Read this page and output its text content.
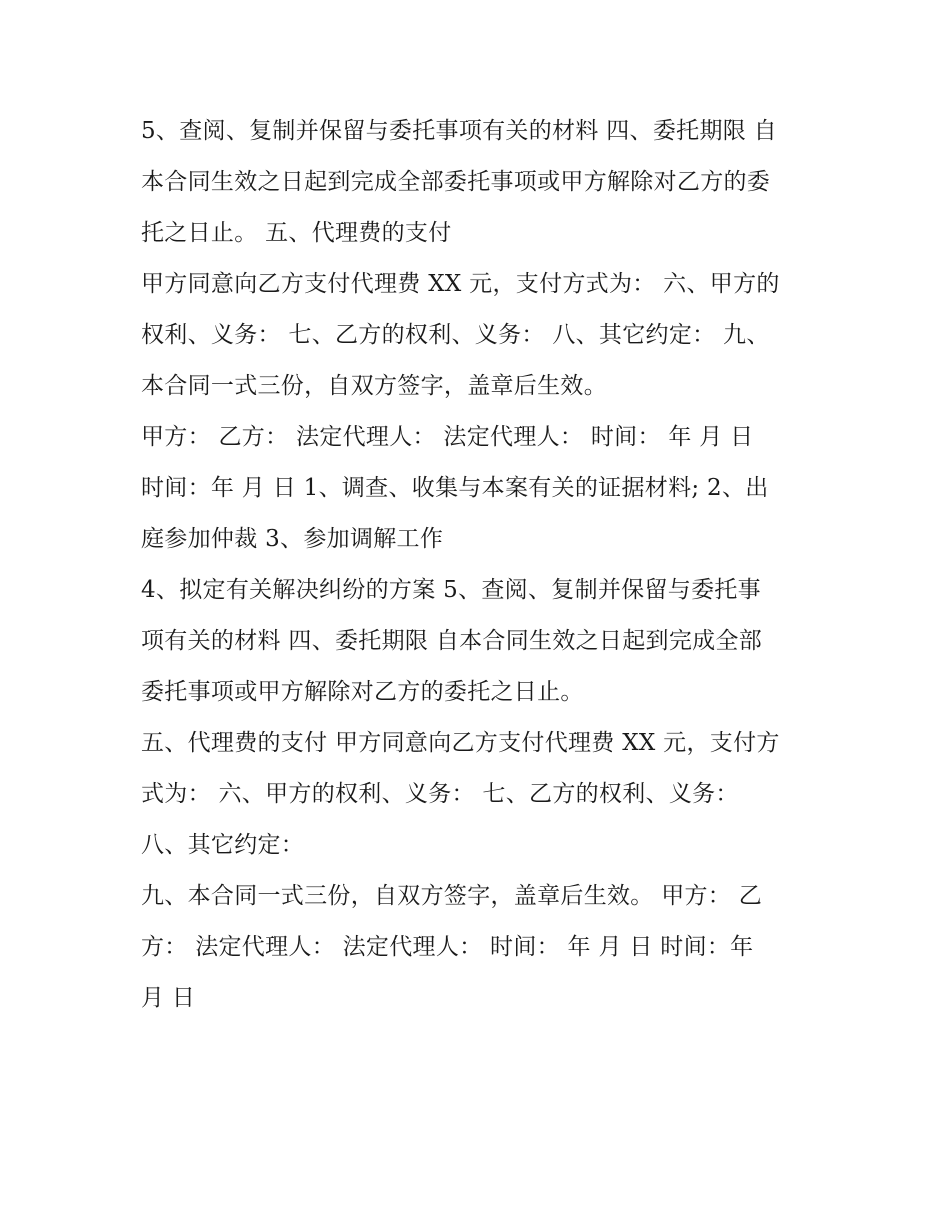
5、查阅、复制并保留与委托事项有关的材料 四、委托期限 自
本合同生效之日起到完成全部委托事项或甲方解除对乙方的委
托之日止。 五、代理费的支付
甲方同意向乙方支付代理费 XX 元，支付方式为： 六、甲方的
权利、义务： 七、乙方的权利、义务： 八、其它约定： 九、
本合同一式三份，自双方签字，盖章后生效。
甲方： 乙方： 法定代理人： 法定代理人： 时间： 年 月 日
时间：年 月 日 1、调查、收集与本案有关的证据材料; 2、出
庭参加仲裁 3、参加调解工作
4、拟定有关解决纠纷的方案 5、查阅、复制并保留与委托事
项有关的材料 四、委托期限 自本合同生效之日起到完成全部
委托事项或甲方解除对乙方的委托之日止。
五、代理费的支付 甲方同意向乙方支付代理费 XX 元，支付方
式为： 六、甲方的权利、义务： 七、乙方的权利、义务：
八、其它约定：
九、本合同一式三份，自双方签字，盖章后生效。 甲方： 乙
方： 法定代理人： 法定代理人： 时间： 年 月 日 时间：年
月 日
